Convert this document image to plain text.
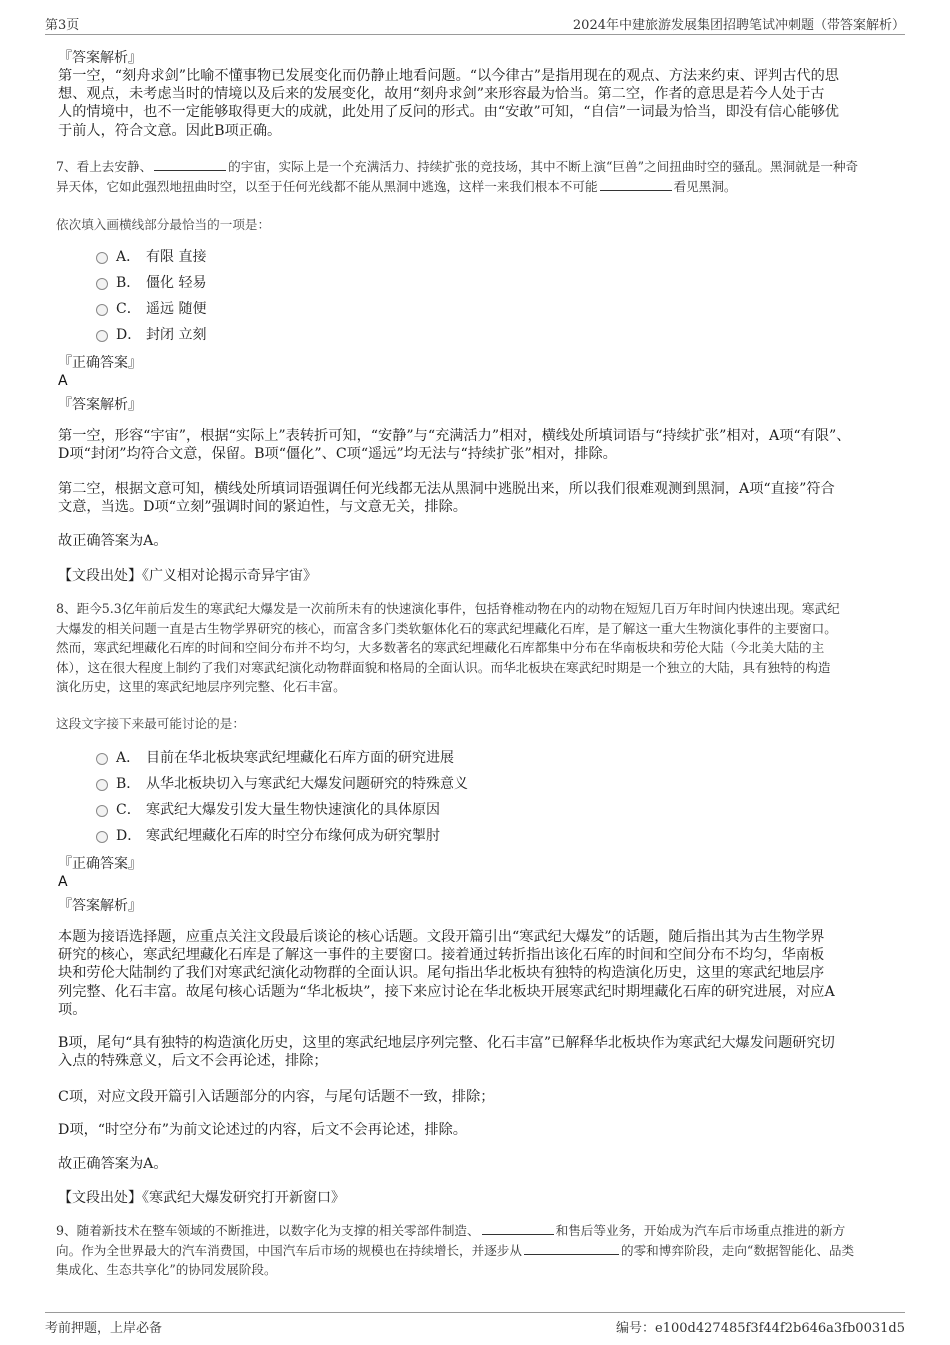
第3页	2024年中建旅游发展集团招聘笔试冲刺题（带答案解析）
『答案解析』
第一空，“刻舟求剑”比喻不懂事物已发展变化而仍静止地看问题。“以今律古”是指用现在的观点、方法来约束、评判古代的思
想、观点，未考虑当时的情境以及后来的发展变化，故用“刻舟求剑”来形容最为恰当。第二空，作者的意思是若今人处于古
人的情境中，也不一定能够取得更大的成就，此处用了反问的形式。由“安敢”可知，“自信”一词最为恰当，即没有信心能够优
于前人，符合文意。因此B项正确。
7、看上去安静、	的宇宙，实际上是一个充满活力、持续扩张的竞技场，其中不断上演“巨兽”之间扭曲时空的骚乱。黑洞就是一种奇
异天体，它如此强烈地扭曲时空，以至于任何光线都不能从黑洞中逃逸，这样一来我们根本不可能	看见黑洞。
依次填入画横线部分最恰当的一项是：
A． 有限 直接
B． 僵化 轻易
C． 遥远 随便
D． 封闭 立刻
『正确答案』
A
『答案解析』
第一空，形容“宇宙”，根据“实际上”表转折可知，“安静”与“充满活力”相对，横线处所填词语与“持续扩张”相对，A项“有限”、
D项“封闭”均符合文意，保留。B项“僵化”、C项“遥远”均无法与“持续扩张”相对，排除。
第二空，根据文意可知，横线处所填词语强调任何光线都无法从黑洞中逃脱出来，所以我们很难观测到黑洞，A项“直接”符合
文意，当选。D项“立刻”强调时间的紧迫性，与文意无关，排除。
故正确答案为A。
【文段出处】《广义相对论揭示奇异宇宙》
8、距今5.3亿年前后发生的寒武纪大爆发是一次前所未有的快速演化事件，包括脊椎动物在内的动物在短短几百万年时间内快速出现。寒武纪
大爆发的相关问题一直是古生物学界研究的核心，而富含多门类软躯体化石的寒武纪埋藏化石库，是了解这一重大生物演化事件的主要窗口。
然而，寒武纪埋藏化石库的时间和空间分布并不均匀，大多数著名的寒武纪埋藏化石库都集中分布在华南板块和劳伦大陆（今北美大陆的主
体），这在很大程度上制约了我们对寒武纪演化动物群面貌和格局的全面认识。而华北板块在寒武纪时期是一个独立的大陆，具有独特的构造
演化历史，这里的寒武纪地层序列完整、化石丰富。
这段文字接下来最可能讨论的是：
A． 目前在华北板块寒武纪埋藏化石库方面的研究进展
B． 从华北板块切入与寒武纪大爆发问题研究的特殊意义
C． 寒武纪大爆发引发大量生物快速演化的具体原因
D． 寒武纪埋藏化石库的时空分布缘何成为研究掣肘
『正确答案』
A
『答案解析』
本题为接语选择题，应重点关注文段最后谈论的核心话题。文段开篇引出“寒武纪大爆发”的话题，随后指出其为古生物学界
研究的核心，寒武纪埋藏化石库是了解这一事件的主要窗口。接着通过转折指出该化石库的时间和空间分布不均匀，华南板
块和劳伦大陆制约了我们对寒武纪演化动物群的全面认识。尾句指出华北板块有独特的构造演化历史，这里的寒武纪地层序
列完整、化石丰富。故尾句核心话题为“华北板块”，接下来应讨论在华北板块开展寒武纪时期埋藏化石库的研究进展，对应A
项。
B项，尾句“具有独特的构造演化历史，这里的寒武纪地层序列完整、化石丰富”已解释华北板块作为寒武纪大爆发问题研究切
入点的特殊意义，后文不会再论述，排除；
C项，对应文段开篇引入话题部分的内容，与尾句话题不一致，排除；
D项，“时空分布”为前文论述过的内容，后文不会再论述，排除。
故正确答案为A。
【文段出处】《寒武纪大爆发研究打开新窗口》
9、随着新技术在整车领域的不断推进，以数字化为支撑的相关零部件制造、	和售后等业务，开始成为汽车后市场重点推进的新方
向。作为全世界最大的汽车消费国，中国汽车后市场的规模也在持续增长，并逐步从	的零和博弈阶段，走向“数据智能化、品类
集成化、生态共享化”的协同发展阶段。
考前押题，上岸必备	编号：e100d427485f3f44f2b646a3fb0031d5
